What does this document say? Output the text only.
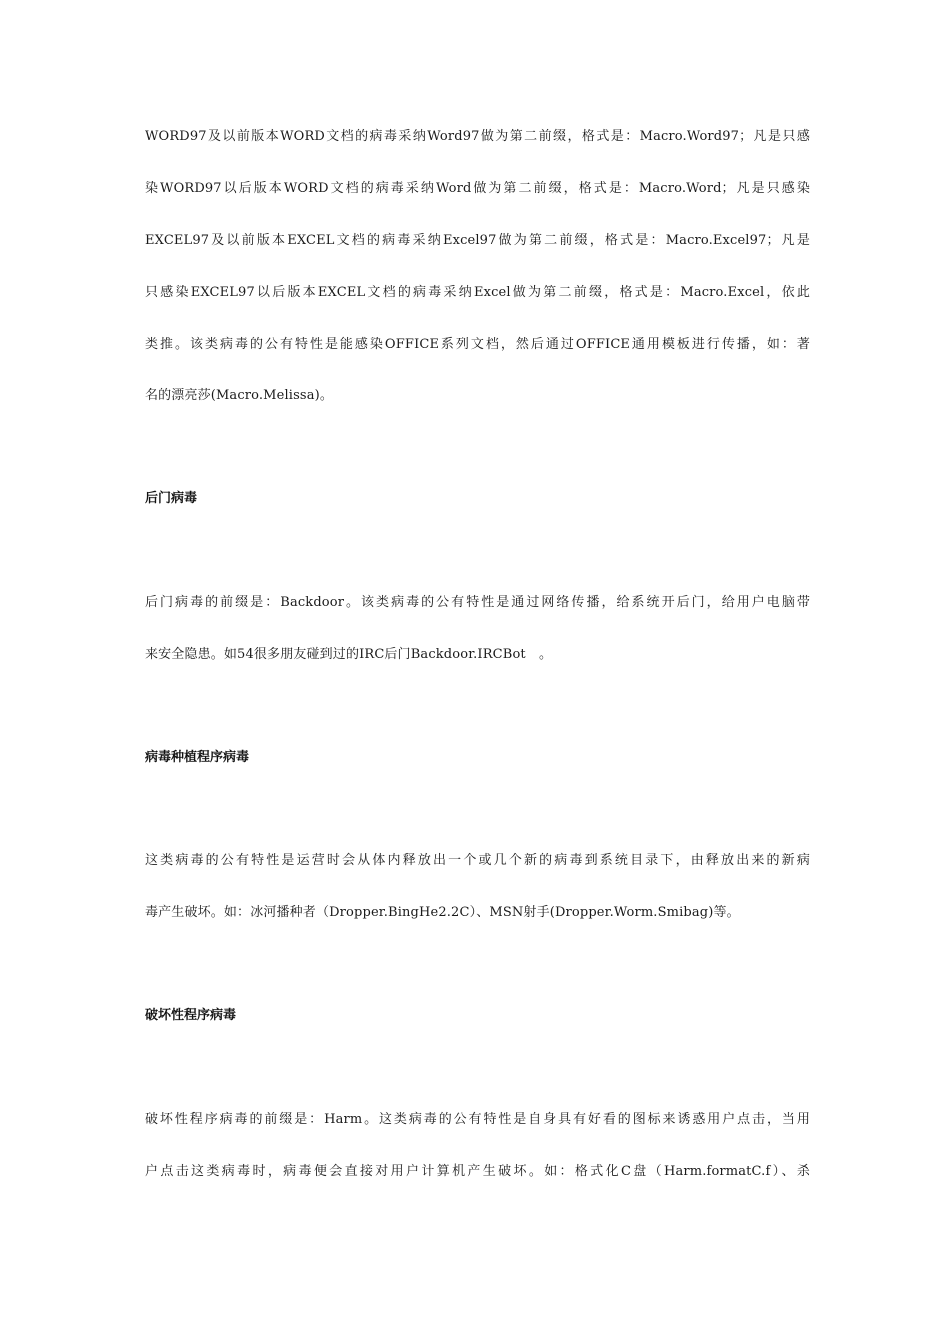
WORD97及以前版本WORD文档的病毒采纳Word97做为第二前缀，格式是：Macro.Word97；凡是只感
染WORD97以后版本WORD文档的病毒采纳Word做为第二前缀，格式是：Macro.Word；凡是只感染
EXCEL97及以前版本EXCEL文档的病毒采纳Excel97做为第二前缀，格式是：Macro.Excel97；凡是
只感染EXCEL97以后版本EXCEL文档的病毒采纳Excel做为第二前缀，格式是：Macro.Excel，依此
类推。该类病毒的公有特性是能感染OFFICE系列文档，然后通过OFFICE通用模板进行传播，如：著
名的漂亮莎(Macro.Melissa)。
后门病毒
后门病毒的前缀是：Backdoor。该类病毒的公有特性是通过网络传播，给系统开后门，给用户电脑带
来安全隐患。如54很多朋友碰到过的IRC后门Backdoor.IRCBot　。
病毒种植程序病毒
这类病毒的公有特性是运营时会从体内释放出一个或几个新的病毒到系统目录下，由释放出来的新病
毒产生破坏。如：冰河播种者（Dropper.BingHe2.2C）、MSN射手(Dropper.Worm.Smibag)等。
破坏性程序病毒
破坏性程序病毒的前缀是：Harm。这类病毒的公有特性是自身具有好看的图标来诱惑用户点击，当用
户点击这类病毒时，病毒便会直接对用户计算机产生破坏。如：格式化C盘（Harm.formatC.f）、杀
